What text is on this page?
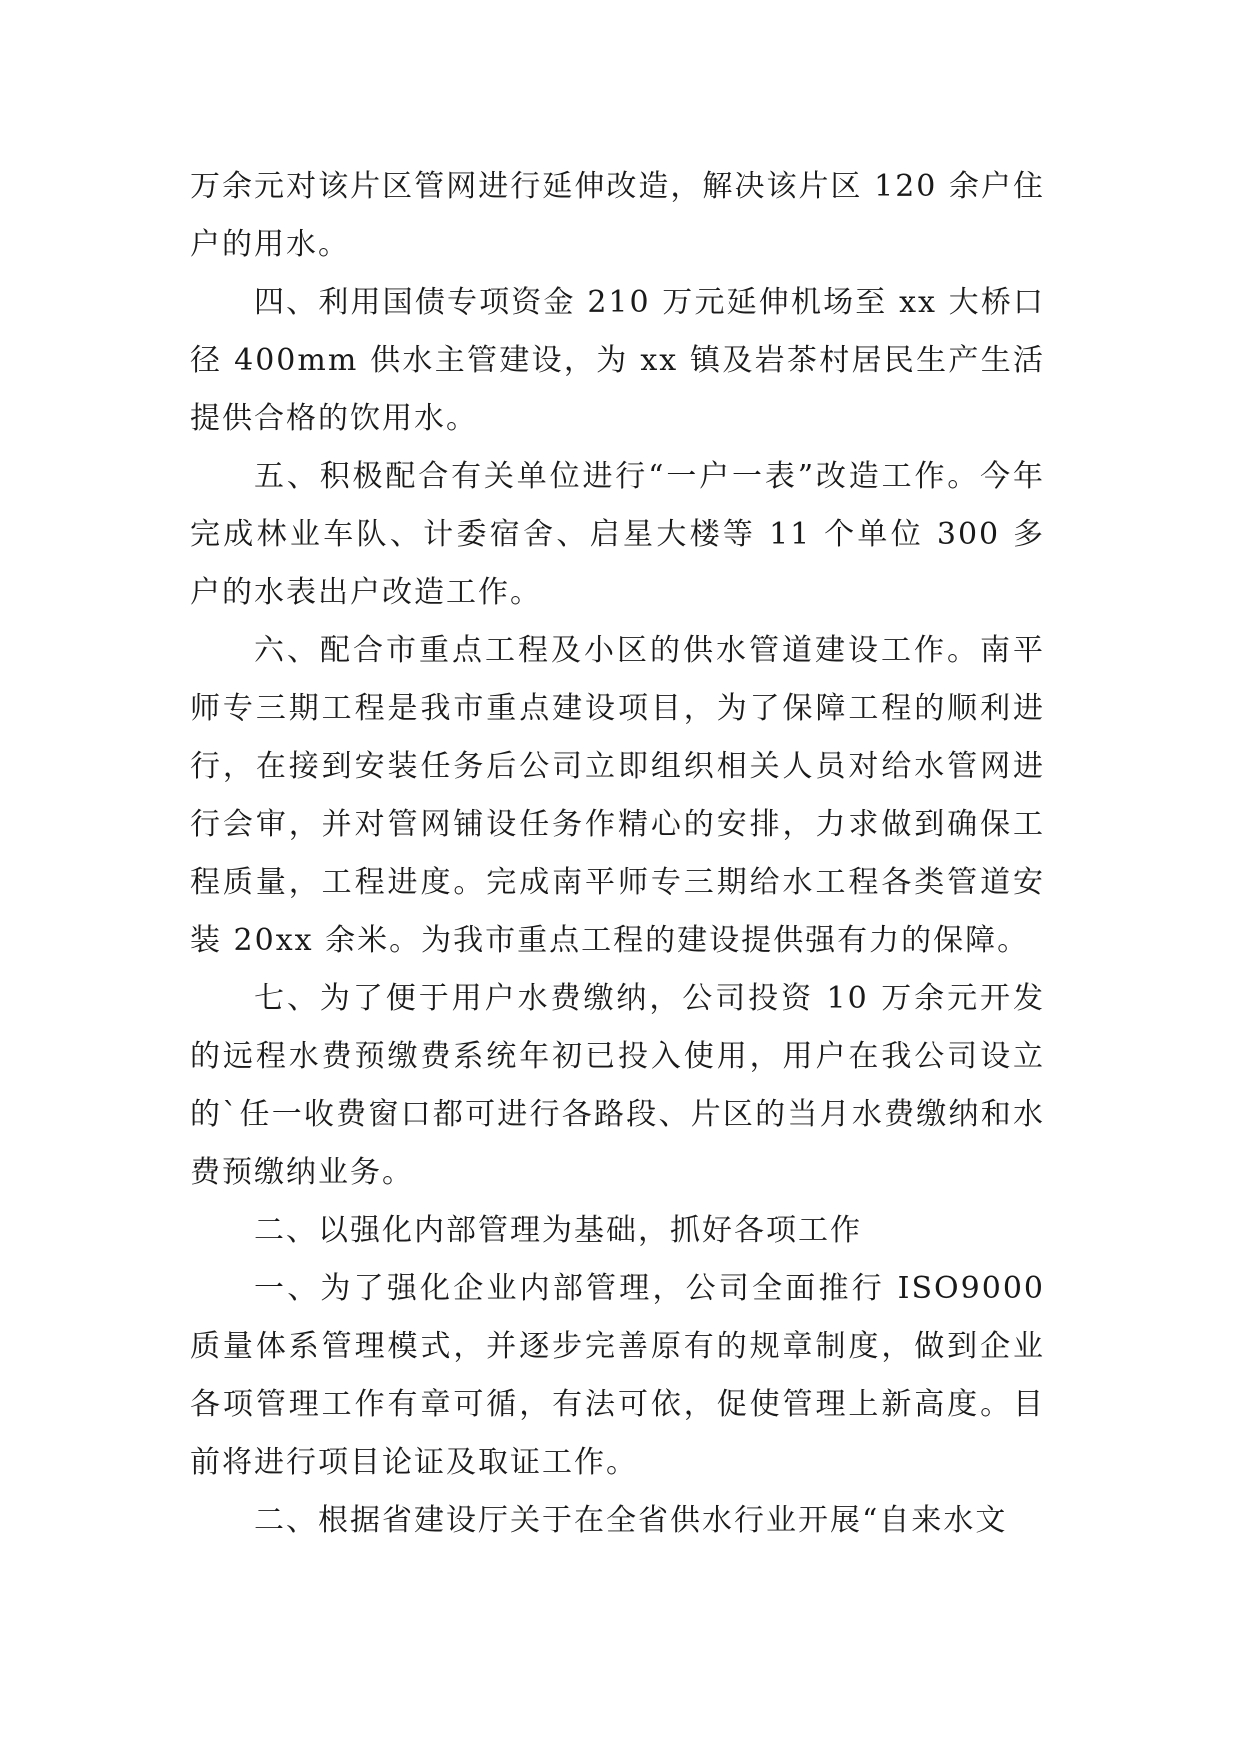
万余元对该片区管网进行延伸改造，解决该片区 120 余户住户的用水。

四、利用国债专项资金 210 万元延伸机场至 xx 大桥口径 400mm 供水主管建设，为 xx 镇及岩茶村居民生产生活提供合格的饮用水。

五、积极配合有关单位进行“一户一表”改造工作。今年完成林业车队、计委宿舍、启星大楼等 11 个单位 300 多户的水表出户改造工作。

六、配合市重点工程及小区的供水管道建设工作。南平师专三期工程是我市重点建设项目，为了保障工程的顺利进行，在接到安装任务后公司立即组织相关人员对给水管网进行会审，并对管网铺设任务作精心的安排，力求做到确保工程质量，工程进度。完成南平师专三期给水工程各类管道安装 20xx 余米。为我市重点工程的建设提供强有力的保障。

七、为了便于用户水费缴纳，公司投资 10 万余元开发的远程水费预缴费系统年初已投入使用，用户在我公司设立的`任一收费窗口都可进行各路段、片区的当月水费缴纳和水费预缴纳业务。

二、以强化内部管理为基础，抓好各项工作

一、为了强化企业内部管理，公司全面推行 ISO9000 质量体系管理模式，并逐步完善原有的规章制度，做到企业各项管理工作有章可循，有法可依，促使管理上新高度。目前将进行项目论证及取证工作。

二、根据省建设厅关于在全省供水行业开展“自来水文
